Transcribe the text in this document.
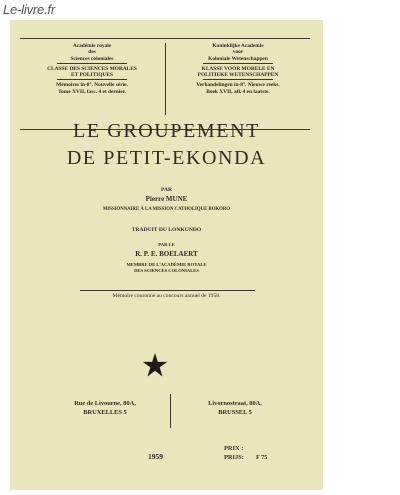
Le-livre.fr
Académie royale
des
Sciences coloniales
CLASSE DES SCIENCES MORALES
ET POLITIQUES
Mémoires in-8°. Nouvelle série.
Tome XVII, fasc. 4 et dernier.
Koninklijke Academie
voor
Koloniale Wetenschappen
KLASSE VOOR MORELE EN
POLITIEKE WETENSCHAPPEN
Verhandelingen in-8°. Nieuwe reeks.
Boek XVII, afl. 4 en laatste.
LE GROUPEMENT
DE PETIT-EKONDA
PAR
Pierre MUNE
MISSIONNAIRE À LA MISSION CATHOLIQUE BOKORO
TRADUIT DU LONKUNDO
PAR LE
R. P. E. BOELAERT
MEMBRE DE L'ACADÉMIE ROYALE
DES SCIENCES COLONIALES
Mémoire couronné au concours annuel de 1958.
Rue de Livourne, 80A,
BRUXELLES 5
Livornostraat, 80A,
BRUSSEL 5
1959
PRIX :
PRIJS: F 75
